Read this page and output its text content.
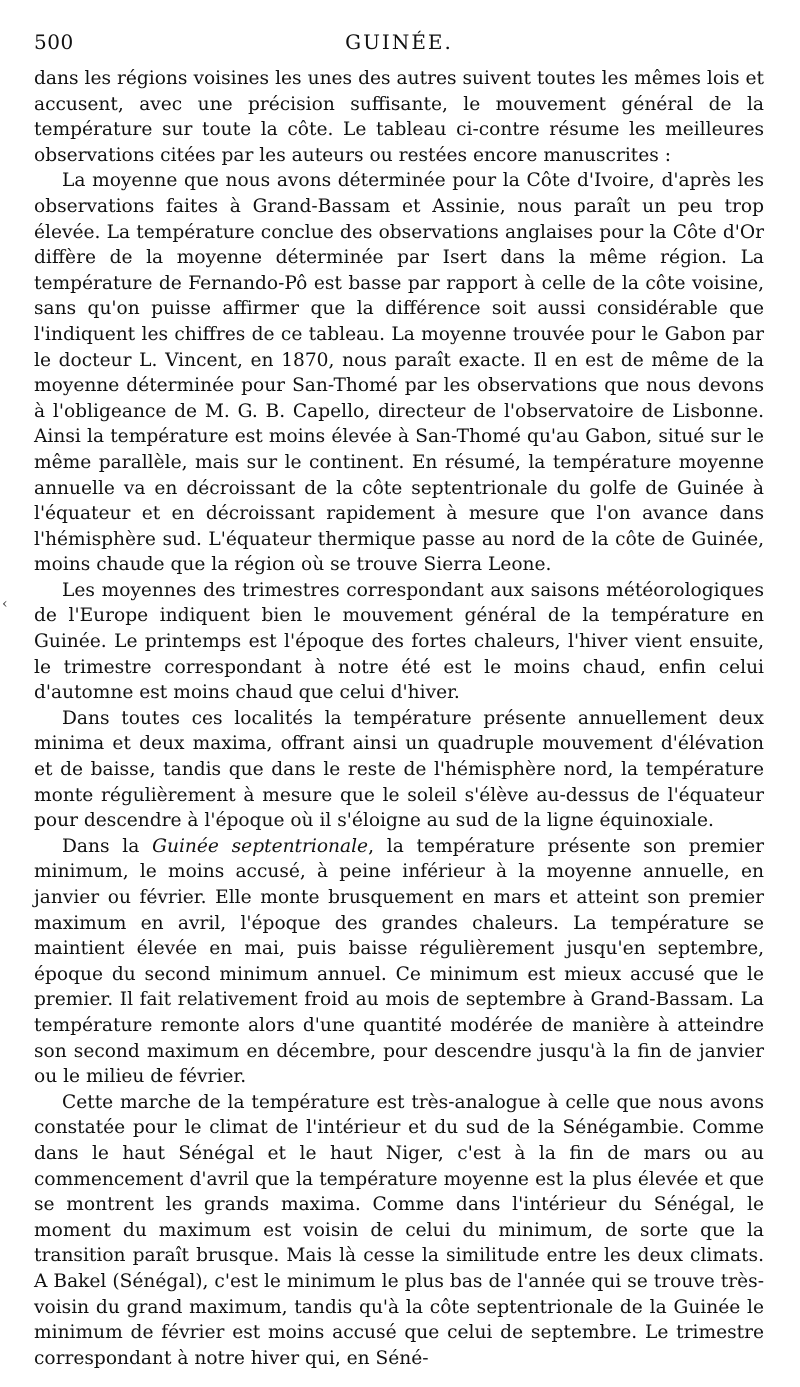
500	GUINÉE.
‹

dans les régions voisines les unes des autres suivent toutes les mêmes lois et accusent, avec une précision suffisante, le mouvement général de la température sur toute la côte. Le tableau ci-contre résume les meilleures observations citées par les auteurs ou restées encore manuscrites :

La moyenne que nous avons déterminée pour la Côte d'Ivoire, d'après les observations faites à Grand-Bassam et Assinie, nous paraît un peu trop élevée. La température conclue des observations anglaises pour la Côte d'Or diffère de la moyenne déterminée par Isert dans la même région. La température de Fernando-Pô est basse par rapport à celle de la côte voisine, sans qu'on puisse affirmer que la différence soit aussi considérable que l'indiquent les chiffres de ce tableau. La moyenne trouvée pour le Gabon par le docteur L. Vincent, en 1870, nous paraît exacte. Il en est de même de la moyenne déterminée pour San-Thomé par les observations que nous devons à l'obligeance de M. G. B. Capello, directeur de l'observatoire de Lisbonne. Ainsi la température est moins élevée à San-Thomé qu'au Gabon, situé sur le même parallèle, mais sur le continent. En résumé, la température moyenne annuelle va en décroissant de la côte septentrionale du golfe de Guinée à l'équateur et en décroissant rapidement à mesure que l'on avance dans l'hémisphère sud. L'équateur thermique passe au nord de la côte de Guinée, moins chaude que la région où se trouve Sierra Leone.

Les moyennes des trimestres correspondant aux saisons météorologiques de l'Europe indiquent bien le mouvement général de la température en Guinée. Le printemps est l'époque des fortes chaleurs, l'hiver vient ensuite, le trimestre correspondant à notre été est le moins chaud, enfin celui d'automne est moins chaud que celui d'hiver.

Dans toutes ces localités la température présente annuellement deux minima et deux maxima, offrant ainsi un quadruple mouvement d'élévation et de baisse, tandis que dans le reste de l'hémisphère nord, la température monte régulièrement à mesure que le soleil s'élève au-dessus de l'équateur pour descendre à l'époque où il s'éloigne au sud de la ligne équinoxiale.

Dans la Guinée septentrionale, la température présente son premier minimum, le moins accusé, à peine inférieur à la moyenne annuelle, en janvier ou février. Elle monte brusquement en mars et atteint son premier maximum en avril, l'époque des grandes chaleurs. La température se maintient élevée en mai, puis baisse régulièrement jusqu'en septembre, époque du second minimum annuel. Ce minimum est mieux accusé que le premier. Il fait relativement froid au mois de septembre à Grand-Bassam. La température remonte alors d'une quantité modérée de manière à atteindre son second maximum en décembre, pour descendre jusqu'à la fin de janvier ou le milieu de février.

Cette marche de la température est très-analogue à celle que nous avons constatée pour le climat de l'intérieur et du sud de la Sénégambie. Comme dans le haut Sénégal et le haut Niger, c'est à la fin de mars ou au commencement d'avril que la température moyenne est la plus élevée et que se montrent les grands maxima. Comme dans l'intérieur du Sénégal, le moment du maximum est voisin de celui du minimum, de sorte que la transition paraît brusque. Mais là cesse la similitude entre les deux climats. A Bakel (Sénégal), c'est le minimum le plus bas de l'année qui se trouve très-voisin du grand maximum, tandis qu'à la côte septentrionale de la Guinée le minimum de février est moins accusé que celui de septembre. Le trimestre correspondant à notre hiver qui, en Séné-
